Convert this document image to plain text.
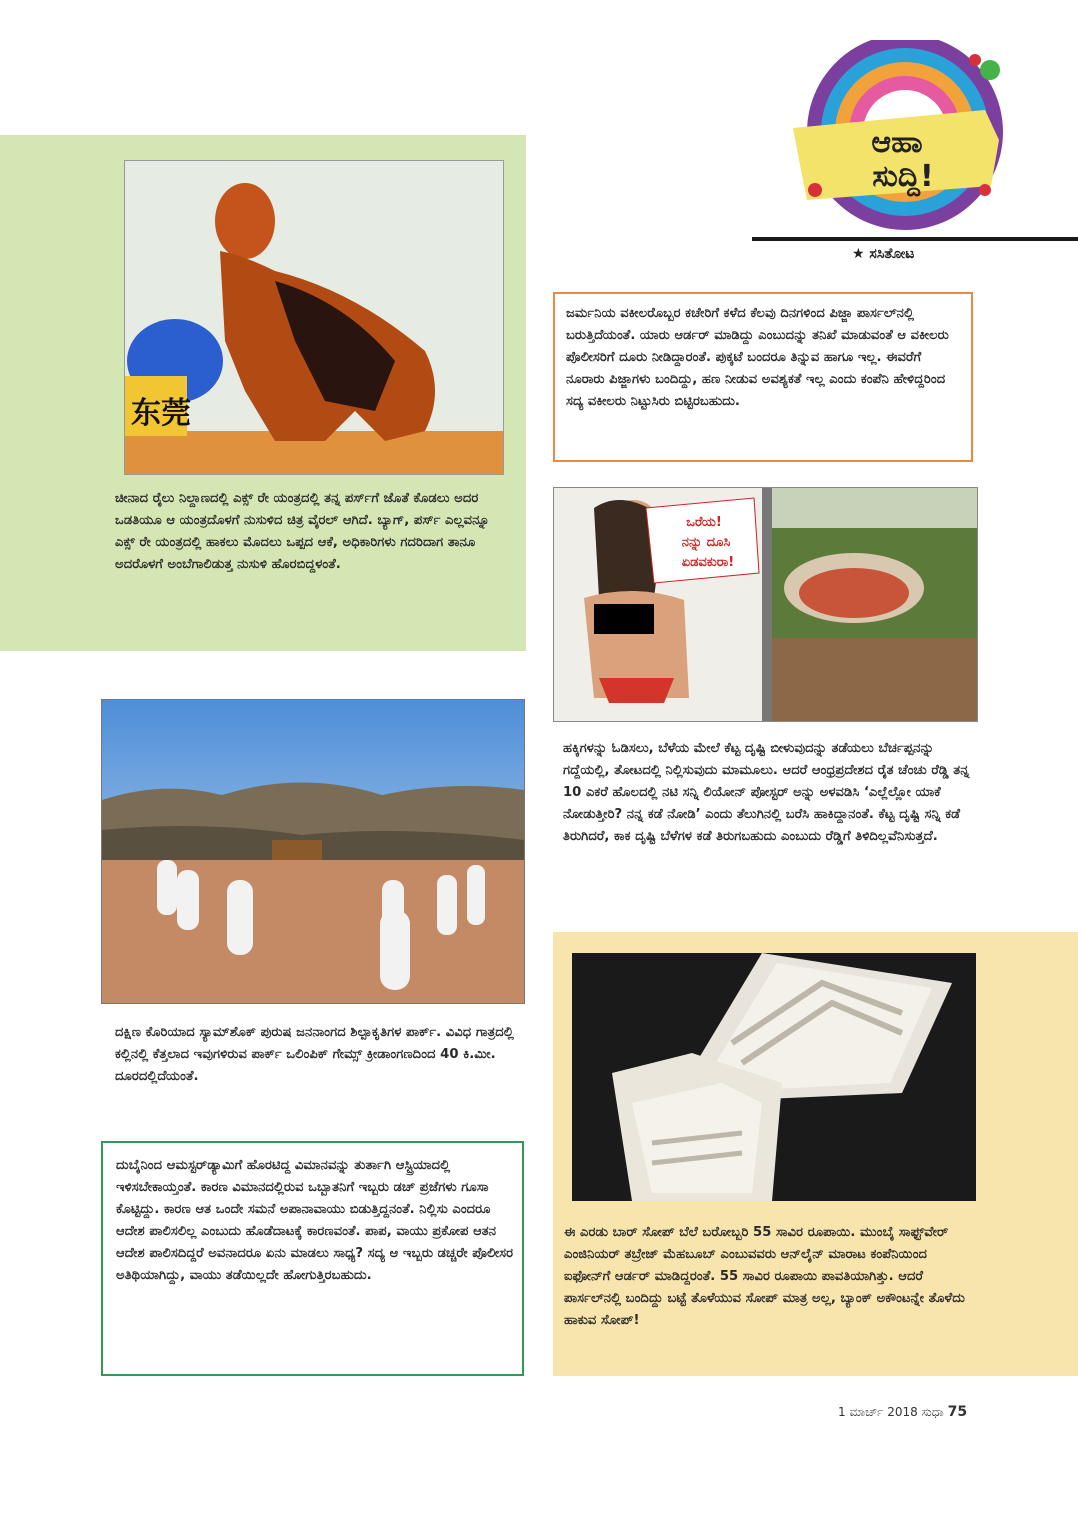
ಆಹಾ
ಸುದ್ದಿ!
★ ಸಸಿತೋಟ
东莞

ಚೀನಾದ ರೈಲು ನಿಲ್ದಾಣದಲ್ಲಿ ಎಕ್ಸ್ ರೇ ಯಂತ್ರದಲ್ಲಿ ತನ್ನ ಪರ್ಸ್‌ಗೆ ಜೊತೆ ಕೊಡಲು ಅದರ ಒಡತಿಯೂ ಆ ಯಂತ್ರದೊಳಗೆ ನುಸುಳಿದ ಚಿತ್ರ ವೈರಲ್ ಆಗಿದೆ. ಬ್ಯಾಗ್, ಪರ್ಸ್ ಎಲ್ಲವನ್ನೂ ಎಕ್ಸ್ ರೇ ಯಂತ್ರದಲ್ಲಿ ಹಾಕಲು ಮೊದಲು ಒಪ್ಪದ ಆಕೆ, ಅಧಿಕಾರಿಗಳು ಗದರಿದಾಗ ತಾನೂ ಅದರೊಳಗೆ ಅಂಬೆಗಾಲಿಡುತ್ತ ನುಸುಳಿ ಹೊರಬಿದ್ದಳಂತೆ.

ಜರ್ಮನಿಯ ವಕೀಲರೊಬ್ಬರ ಕಚೇರಿಗೆ ಕಳೆದ ಕೆಲವು ದಿನಗಳಿಂದ ಪಿಜ್ಜಾ ಪಾರ್ಸಲ್‌ನಲ್ಲಿ ಬರುತ್ತಿದೆಯಂತೆ. ಯಾರು ಆರ್ಡರ್ ಮಾಡಿದ್ದು ಎಂಬುದನ್ನು ತನಿಖೆ ಮಾಡುವಂತೆ ಆ ವಕೀಲರು ಪೊಲೀಸರಿಗೆ ದೂರು ನೀಡಿದ್ದಾರಂತೆ. ಪುಕ್ಕಟೆ ಬಂದರೂ ತಿನ್ನುವ ಹಾಗೂ ಇಲ್ಲ. ಈವರೆಗೆ ನೂರಾರು ಪಿಜ್ಜಾಗಳು ಬಂದಿದ್ದು, ಹಣ ನೀಡುವ ಅವಶ್ಯಕತೆ ಇಲ್ಲ ಎಂದು ಕಂಪೆನಿ ಹೇಳಿದ್ದರಿಂದ ಸದ್ಯ ವಕೀಲರು ನಿಟ್ಟುಸಿರು ಬಿಟ್ಟಿರಬಹುದು.

ಒರೆಯ!
ನನ್ನು ದೂಸಿ
ಏಡವಕುರಾ!

ಹಕ್ಕಿಗಳನ್ನು ಓಡಿಸಲು, ಬೆಳೆಯ ಮೇಲೆ ಕೆಟ್ಟ ದೃಷ್ಟಿ ಬೀಳುವುದನ್ನು ತಡೆಯಲು ಬೆರ್ಚಪ್ಪನನ್ನು ಗದ್ದೆಯಲ್ಲಿ, ತೋಟದಲ್ಲಿ ನಿಲ್ಲಿಸುವುದು ಮಾಮೂಲು. ಆದರೆ ಆಂಧ್ರಪ್ರದೇಶದ ರೈತ ಚೆಂಚು ರೆಡ್ಡಿ ತನ್ನ 10 ಎಕರೆ ಹೊಲದಲ್ಲಿ ನಟಿ ಸನ್ನಿ ಲಿಯೋನ್ ಪೋಸ್ಟರ್ ಅನ್ನು ಅಳವಡಿಸಿ ‘ಎಲ್ಲೆಲ್ಲೋ ಯಾಕೆ ನೋಡುತ್ತೀರಿ? ನನ್ನ ಕಡೆ ನೋಡಿ’ ಎಂದು ತೆಲುಗಿನಲ್ಲಿ ಬರೆಸಿ ಹಾಕಿದ್ದಾನಂತೆ. ಕೆಟ್ಟ ದೃಷ್ಟಿ ಸನ್ನಿ ಕಡೆ ತಿರುಗಿದರೆ, ಕಾಕ ದೃಷ್ಟಿ ಬೆಳೆಗಳ ಕಡೆ ತಿರುಗಬಹುದು ಎಂಬುದು ರೆಡ್ಡಿಗೆ ತಿಳಿದಿಲ್ಲವೆನಿಸುತ್ತದೆ.

ದಕ್ಷಿಣ ಕೊರಿಯಾದ ಸ್ಯಾಮ್‌ಶೊಕ್ ಪುರುಷ ಜನನಾಂಗದ ಶಿಲ್ಪಾಕೃತಿಗಳ ಪಾರ್ಕ್. ವಿವಿಧ ಗಾತ್ರದಲ್ಲಿ ಕಲ್ಲಿನಲ್ಲಿ ಕೆತ್ತಲಾದ ಇವುಗಳಿರುವ ಪಾರ್ಕ್ ಒಲಿಂಪಿಕ್ ಗೇಮ್ಸ್ ಕ್ರೀಡಾಂಗಣದಿಂದ 40 ಕಿ.ಮೀ. ದೂರದಲ್ಲಿದೆಯಂತೆ.

ದುಬೈನಿಂದ ಆಮಸ್ಟರ್‌ಡ್ಯಾಮಿಗೆ ಹೊರಟಿದ್ದ ವಿಮಾನವನ್ನು ತುರ್ತಾಗಿ ಆಸ್ಟ್ರಿಯಾದಲ್ಲಿ ಇಳಿಸಬೇಕಾಯ್ತಂತೆ. ಕಾರಣ ವಿಮಾನದಲ್ಲಿರುವ ಒಬ್ಬಾತನಿಗೆ ಇಬ್ಬರು ಡಚ್ ಪ್ರಜೆಗಳು ಗೂಸಾ ಕೊಟ್ಟಿದ್ದು. ಕಾರಣ ಆತ ಒಂದೇ ಸಮನೆ ಅಪಾನಾವಾಯು ಬಿಡುತ್ತಿದ್ದನಂತೆ. ನಿಲ್ಲಿಸು ಎಂದರೂ ಆದೇಶ ಪಾಲಿಸಲಿಲ್ಲ ಎಂಬುದು ಹೊಡೆದಾಟಕ್ಕೆ ಕಾರಣವಂತೆ. ಪಾಪ, ವಾಯು ಪ್ರಕೋಪ ಆತನ ಆದೇಶ ಪಾಲಿಸದಿದ್ದರೆ ಅವನಾದರೂ ಏನು ಮಾಡಲು ಸಾಧ್ಯ? ಸದ್ಯ ಆ ಇಬ್ಬರು ಡಚ್ಚರೇ ಪೊಲೀಸರ ಅತಿಥಿಯಾಗಿದ್ದು, ವಾಯು ತಡೆಯಿಲ್ಲದೇ ಹೋಗುತ್ತಿರಬಹುದು.

ಈ ಎರಡು ಬಾರ್ ಸೋಪ್ ಬೆಲೆ ಬರೋಬ್ಬರಿ 55 ಸಾವಿರ ರೂಪಾಯಿ. ಮುಂಬೈ ಸಾಫ್ಟ್‌ವೇರ್ ಎಂಜಿನಿಯರ್ ತಬ್ರೇಜ್ ಮೆಹಬೂಬ್ ಎಂಬುವವರು ಆನ್‌ಲೈನ್ ಮಾರಾಟ ಕಂಪೆನಿಯಿಂದ ಐಫೋನ್‌ಗೆ ಆರ್ಡರ್ ಮಾಡಿದ್ದರಂತೆ. 55 ಸಾವಿರ ರೂಪಾಯಿ ಪಾವತಿಯಾಗಿತ್ತು. ಆದರೆ ಪಾರ್ಸಲ್‌ನಲ್ಲಿ ಬಂದಿದ್ದು ಬಟ್ಟೆ ತೊಳೆಯುವ ಸೋಪ್ ಮಾತ್ರ ಅಲ್ಲ, ಬ್ಯಾಂಕ್ ಅಕೌಂಟನ್ನೇ ತೊಳೆದು ಹಾಕುವ ಸೋಪ್!

1 ಮಾರ್ಚ್ 2018 ಸುಧಾ 75
